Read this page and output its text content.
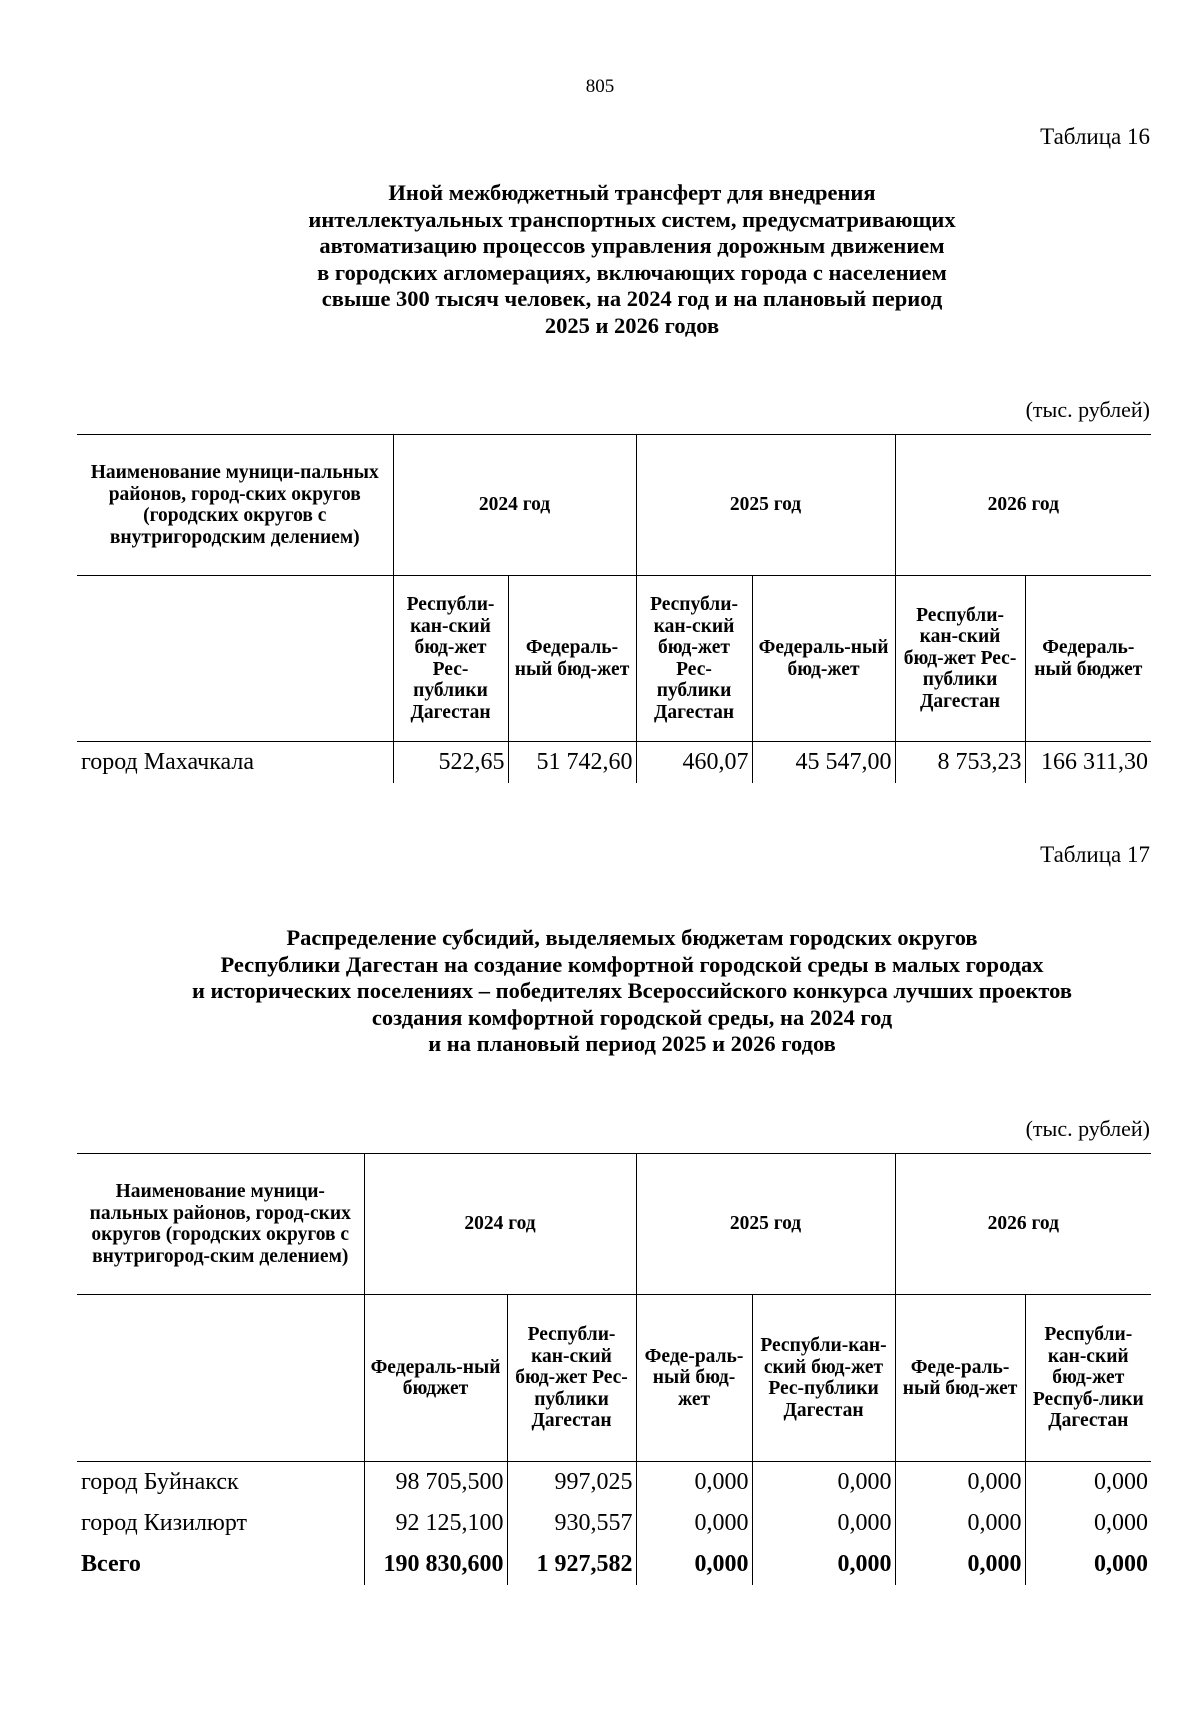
805
Таблица 16
Иной межбюджетный трансферт для внедрения
интеллектуальных транспортных систем, предусматривающих
автоматизацию процессов управления дорожным движением
в городских агломерациях, включающих города с населением
свыше 300 тысяч человек, на 2024 год и на плановый период
2025 и 2026 годов
(тыс. рублей)
Наименование муници-пальных районов, город-ских округов (городских округов с внутригородским делением)	2024 год		2025 год		2026 год	
	Республи-кан-ский бюд-жет Рес-публики Дагестан	Федераль-ный бюд-жет	Республи-кан-ский бюд-жет Рес-публики Дагестан	Федераль-ный бюд-жет	Республи-кан-ский бюд-жет Рес-публики Дагестан	Федераль-ный бюджет
город Махачкала	522,65	51 742,60	460,07	45 547,00	8 753,23	166 311,30
Таблица 17
Распределение субсидий, выделяемых бюджетам городских округов
Республики Дагестан на создание комфортной городской среды в малых городах
и исторических поселениях – победителях Всероссийского конкурса лучших проектов
создания комфортной городской среды, на 2024 год
и на плановый период 2025 и 2026 годов
(тыс. рублей)
Наименование муници-пальных районов, город-ских округов (городских округов с внутригород-ским делением)	2024 год		2025 год		2026 год	
	Федераль-ный бюджет	Республи-кан-ский бюд-жет Рес-публики Дагестан	Феде-раль-ный бюд-жет	Республи-кан-ский бюд-жет Рес-публики Дагестан	Феде-раль-ный бюд-жет	Республи-кан-ский бюд-жет Респуб-лики Дагестан
город Буйнакск	98 705,500	997,025	0,000	0,000	0,000	0,000
город Кизилюрт	92 125,100	930,557	0,000	0,000	0,000	0,000
Всего	190 830,600	1 927,582	0,000	0,000	0,000	0,000
